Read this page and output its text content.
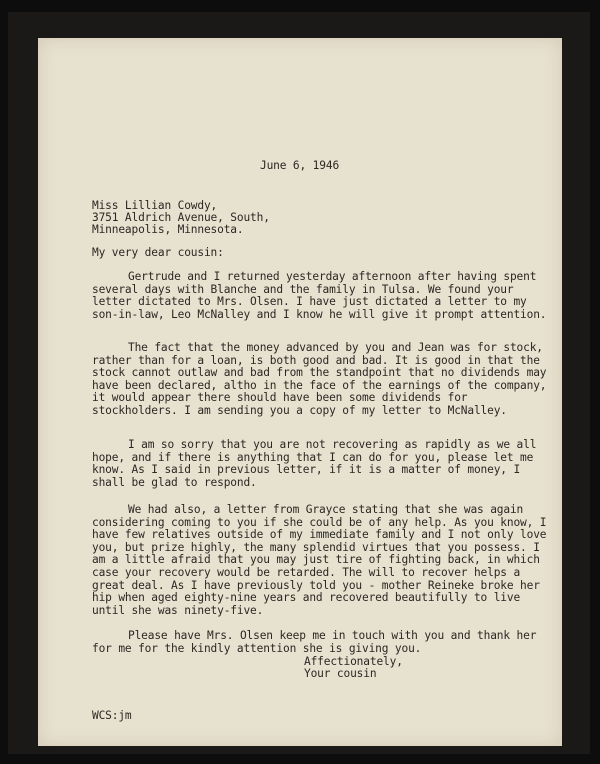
June 6, 1946
Miss Lillian Cowdy,
3751 Aldrich Avenue, South,
Minneapolis, Minnesota.
My very dear cousin:
Gertrude and I returned yesterday afternoon after having spent several days with Blanche and the family in Tulsa. We found your letter dictated to Mrs. Olsen. I have just dictated a letter to my son-in-law, Leo McNalley and I know he will give it prompt attention.
The fact that the money advanced by you and Jean was for stock, rather than for a loan, is both good and bad. It is good in that the stock cannot outlaw and bad from the standpoint that no dividends may have been declared, altho in the face of the earnings of the company, it would appear there should have been some dividends for stockholders. I am sending you a copy of my letter to McNalley.
I am so sorry that you are not recovering as rapidly as we all hope, and if there is anything that I can do for you, please let me know. As I said in previous letter, if it is a matter of money, I shall be glad to respond.
We had also, a letter from Grayce stating that she was again considering coming to you if she could be of any help. As you know, I have few relatives outside of my immediate family and I not only love you, but prize highly, the many splendid virtues that you possess. I am a little afraid that you may just tire of fighting back, in which case your recovery would be retarded. The will to recover helps a great deal. As I have previously told you - mother Reineke broke her hip when aged eighty-nine years and recovered beautifully to live until she was ninety-five.
Please have Mrs. Olsen keep me in touch with you and thank her for me for the kindly attention she is giving you.
Affectionately,
Your cousin
WCS:jm
